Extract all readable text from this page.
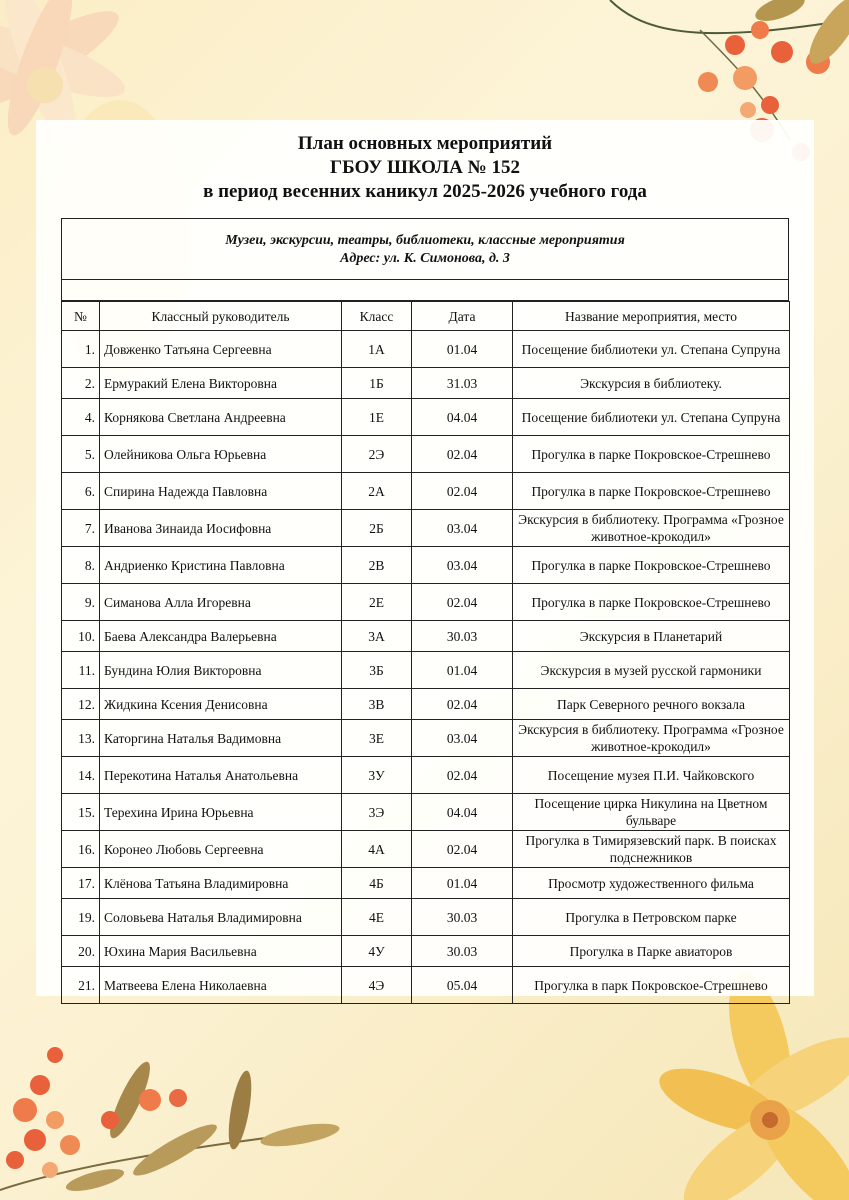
План основных мероприятий
ГБОУ ШКОЛА № 152
в период весенних каникул 2025-2026 учебного года
Музеи, экскурсии, театры, библиотеки, классные мероприятия
Адрес: ул. К. Симонова, д. 3
№	Классный руководитель	Класс	Дата	Название мероприятия, место
1.	Довженко Татьяна Сергеевна	1А	01.04	Посещение библиотеки ул. Степана Супруна
2.	Ермуракий Елена Викторовна	1Б	31.03	Экскурсия в библиотеку.
4.	Корнякова Светлана Андреевна	1Е	04.04	Посещение библиотеки ул. Степана Супруна
5.	Олейникова Ольга Юрьевна	2Э	02.04	Прогулка в парке Покровское-Стрешнево
6.	Спирина Надежда Павловна	2А	02.04	Прогулка в парке Покровское-Стрешнево
7.	Иванова Зинаида Иосифовна	2Б	03.04	Экскурсия в библиотеку. Программа «Грозное животное-крокодил»
8.	Андриенко Кристина Павловна	2В	03.04	Прогулка в парке Покровское-Стрешнево
9.	Симанова Алла Игоревна	2Е	02.04	Прогулка в парке Покровское-Стрешнево
10.	Баева Александра Валерьевна	3А	30.03	Экскурсия в Планетарий
11.	Бундина Юлия Викторовна	3Б	01.04	Экскурсия в музей русской гармоники
12.	Жидкина Ксения Денисовна	3В	02.04	Парк Северного речного вокзала
13.	Каторгина Наталья Вадимовна	3Е	03.04	Экскурсия в библиотеку. Программа «Грозное животное-крокодил»
14.	Перекотина Наталья Анатольевна	3У	02.04	Посещение музея П.И. Чайковского
15.	Терехина Ирина Юрьевна	3Э	04.04	Посещение цирка Никулина на Цветном бульваре
16.	Коронео Любовь Сергеевна	4А	02.04	Прогулка в Тимирязевский парк. В поисках подснежников
17.	Клёнова Татьяна Владимировна	4Б	01.04	Просмотр художественного фильма
19.	Соловьева Наталья Владимировна	4Е	30.03	Прогулка в Петровском парке
20.	Юхина Мария Васильевна	4У	30.03	Прогулка в Парке авиаторов
21.	Матвеева Елена Николаевна	4Э	05.04	Прогулка в парк Покровское-Стрешнево
